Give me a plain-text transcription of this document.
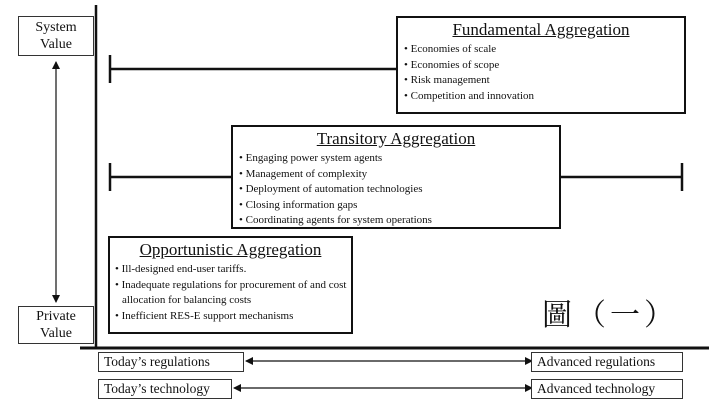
System
Value
Private
Value
Fundamental Aggregation
• Economies of scale
• Economies of scope
• Risk management
• Competition and innovation
Transitory Aggregation
• Engaging power system agents
• Management of complexity
• Deployment of automation technologies
• Closing information gaps
• Coordinating agents for system operations
Opportunistic Aggregation
• Ill-designed end-user tariffs.
• Inadequate regulations for procurement of and cost allocation for balancing costs
• Inefficient RES-E support mechanisms	圖（一）
Today’s regulations	Advanced regulations
Today’s technology	Advanced technology
